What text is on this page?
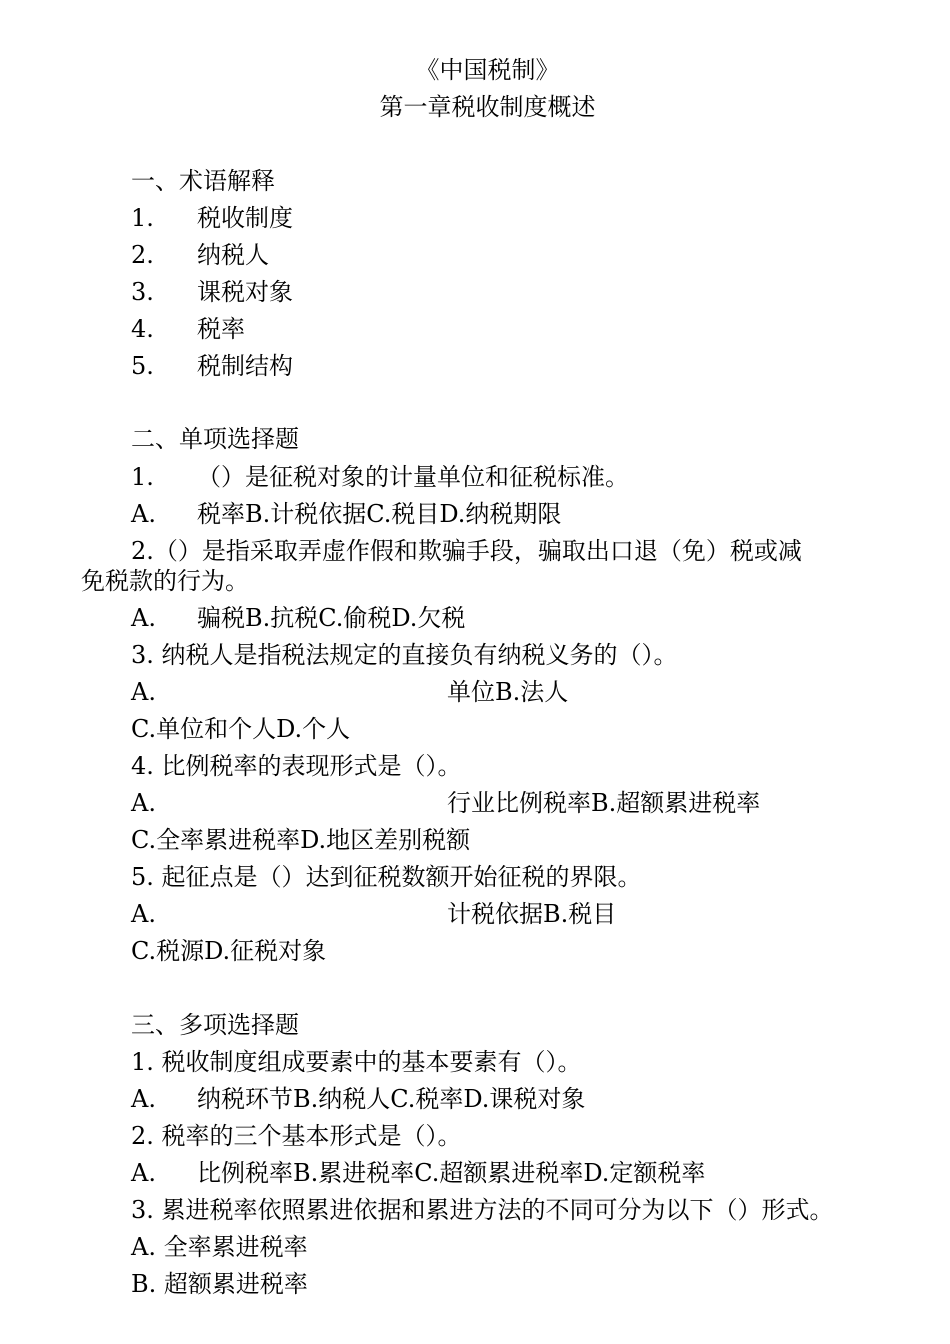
《中国税制》
第一章税收制度概述
一、术语解释
1. 税收制度
2. 纳税人
3. 课税对象
4. 税率
5. 税制结构
二、单项选择题
1. （）是征税对象的计量单位和征税标准。
A. 税率B.计税依据C.税目D.纳税期限
2.（）是指采取弄虚作假和欺骗手段，骗取出口退（免）税或减
免税款的行为。
A. 骗税B.抗税C.偷税D.欠税
3. 纳税人是指税法规定的直接负有纳税义务的（）。
A.	单位B.法人
C.单位和个人D.个人
4. 比例税率的表现形式是（）。
A.	行业比例税率B.超额累进税率
C.全率累进税率D.地区差别税额
5. 起征点是（）达到征税数额开始征税的界限。
A.	计税依据B.税目
C.税源D.征税对象
三、多项选择题
1. 税收制度组成要素中的基本要素有（）。
A. 纳税环节B.纳税人C.税率D.课税对象
2. 税率的三个基本形式是（）。
A. 比例税率B.累进税率C.超额累进税率D.定额税率
3. 累进税率依照累进依据和累进方法的不同可分为以下（）形式。
A. 全率累进税率
B. 超额累进税率
